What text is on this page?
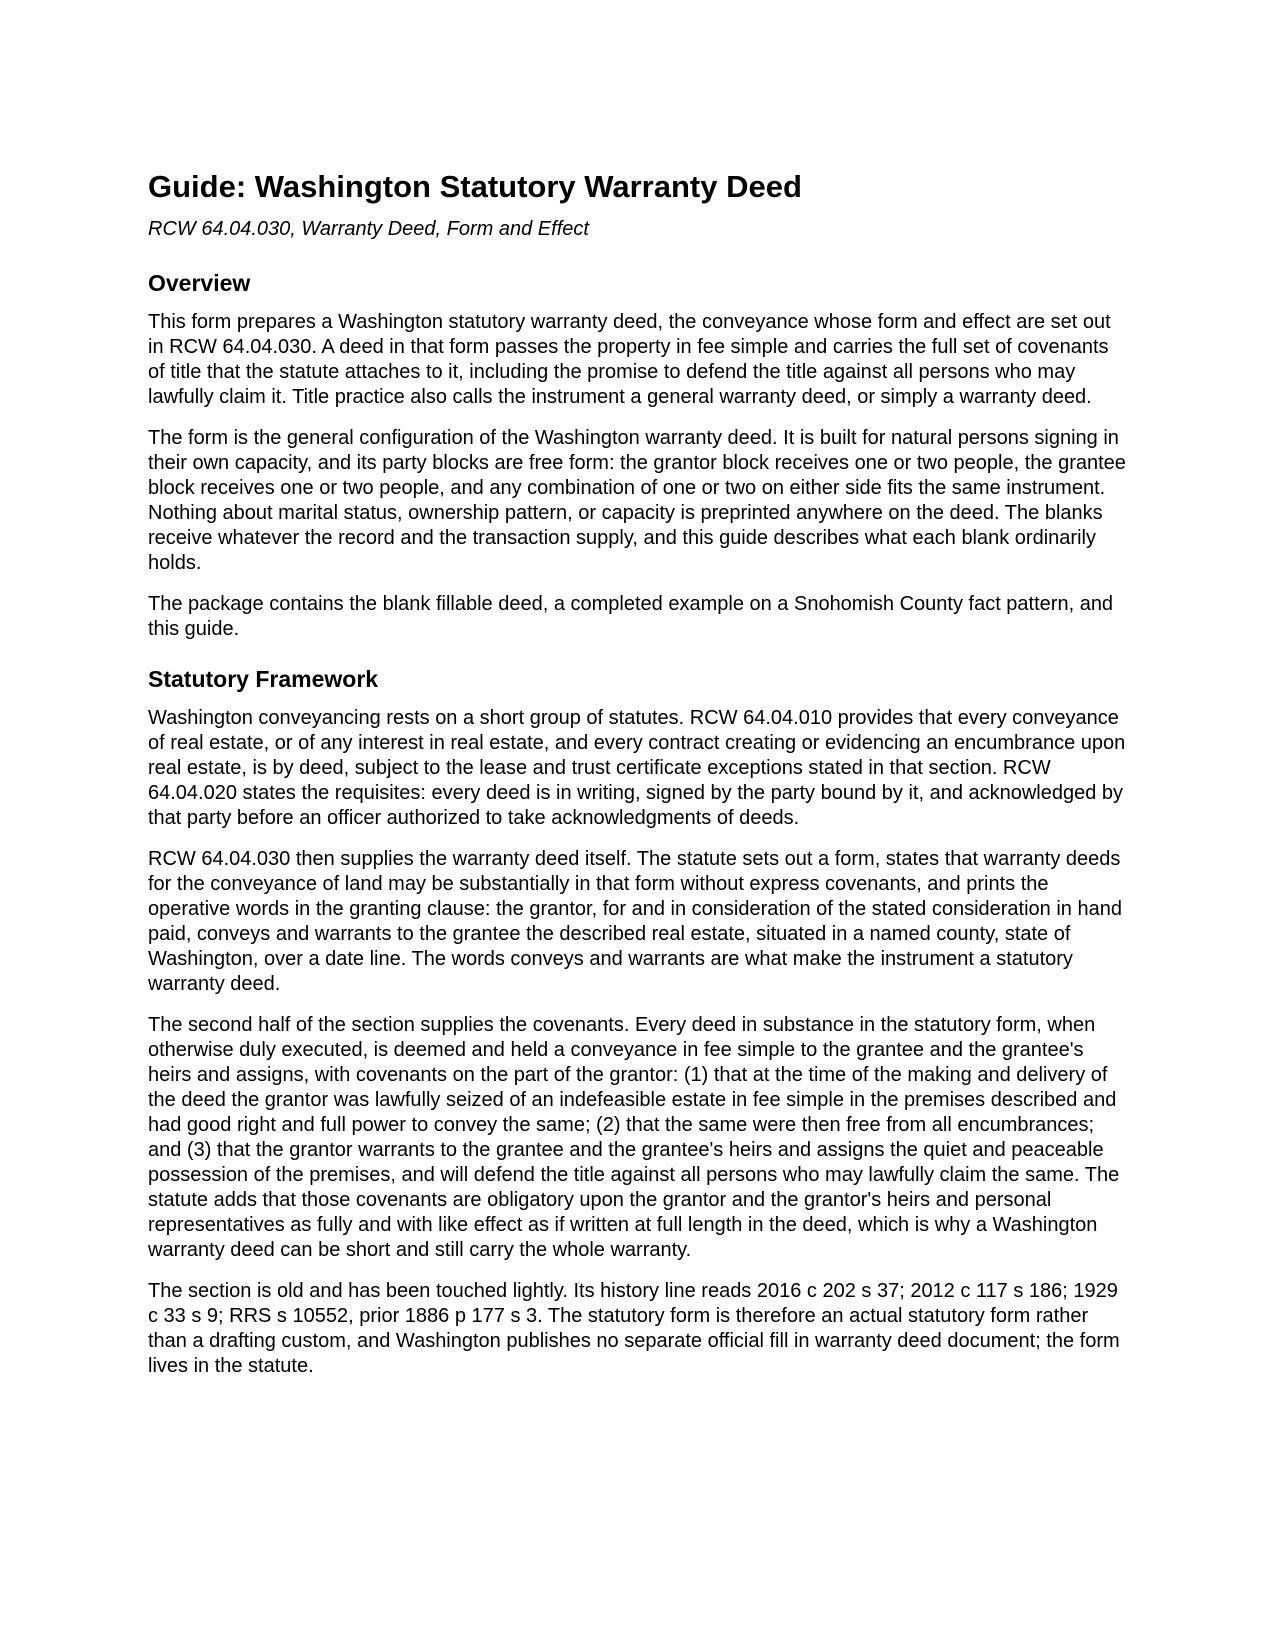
Guide: Washington Statutory Warranty Deed

RCW 64.04.030, Warranty Deed, Form and Effect

Overview

This form prepares a Washington statutory warranty deed, the conveyance whose form and effect are set out in RCW 64.04.030. A deed in that form passes the property in fee simple and carries the full set of covenants of title that the statute attaches to it, including the promise to defend the title against all persons who may lawfully claim it. Title practice also calls the instrument a general warranty deed, or simply a warranty deed.

The form is the general configuration of the Washington warranty deed. It is built for natural persons signing in their own capacity, and its party blocks are free form: the grantor block receives one or two people, the grantee block receives one or two people, and any combination of one or two on either side fits the same instrument. Nothing about marital status, ownership pattern, or capacity is preprinted anywhere on the deed. The blanks receive whatever the record and the transaction supply, and this guide describes what each blank ordinarily holds.

The package contains the blank fillable deed, a completed example on a Snohomish County fact pattern, and this guide.

Statutory Framework

Washington conveyancing rests on a short group of statutes. RCW 64.04.010 provides that every conveyance of real estate, or of any interest in real estate, and every contract creating or evidencing an encumbrance upon real estate, is by deed, subject to the lease and trust certificate exceptions stated in that section. RCW 64.04.020 states the requisites: every deed is in writing, signed by the party bound by it, and acknowledged by that party before an officer authorized to take acknowledgments of deeds.

RCW 64.04.030 then supplies the warranty deed itself. The statute sets out a form, states that warranty deeds for the conveyance of land may be substantially in that form without express covenants, and prints the operative words in the granting clause: the grantor, for and in consideration of the stated consideration in hand paid, conveys and warrants to the grantee the described real estate, situated in a named county, state of Washington, over a date line. The words conveys and warrants are what make the instrument a statutory warranty deed.

The second half of the section supplies the covenants. Every deed in substance in the statutory form, when otherwise duly executed, is deemed and held a conveyance in fee simple to the grantee and the grantee's heirs and assigns, with covenants on the part of the grantor: (1) that at the time of the making and delivery of the deed the grantor was lawfully seized of an indefeasible estate in fee simple in the premises described and had good right and full power to convey the same; (2) that the same were then free from all encumbrances; and (3) that the grantor warrants to the grantee and the grantee's heirs and assigns the quiet and peaceable possession of the premises, and will defend the title against all persons who may lawfully claim the same. The statute adds that those covenants are obligatory upon the grantor and the grantor's heirs and personal representatives as fully and with like effect as if written at full length in the deed, which is why a Washington warranty deed can be short and still carry the whole warranty.

The section is old and has been touched lightly. Its history line reads 2016 c 202 s 37; 2012 c 117 s 186; 1929 c 33 s 9; RRS s 10552, prior 1886 p 177 s 3. The statutory form is therefore an actual statutory form rather than a drafting custom, and Washington publishes no separate official fill in warranty deed document; the form lives in the statute.
